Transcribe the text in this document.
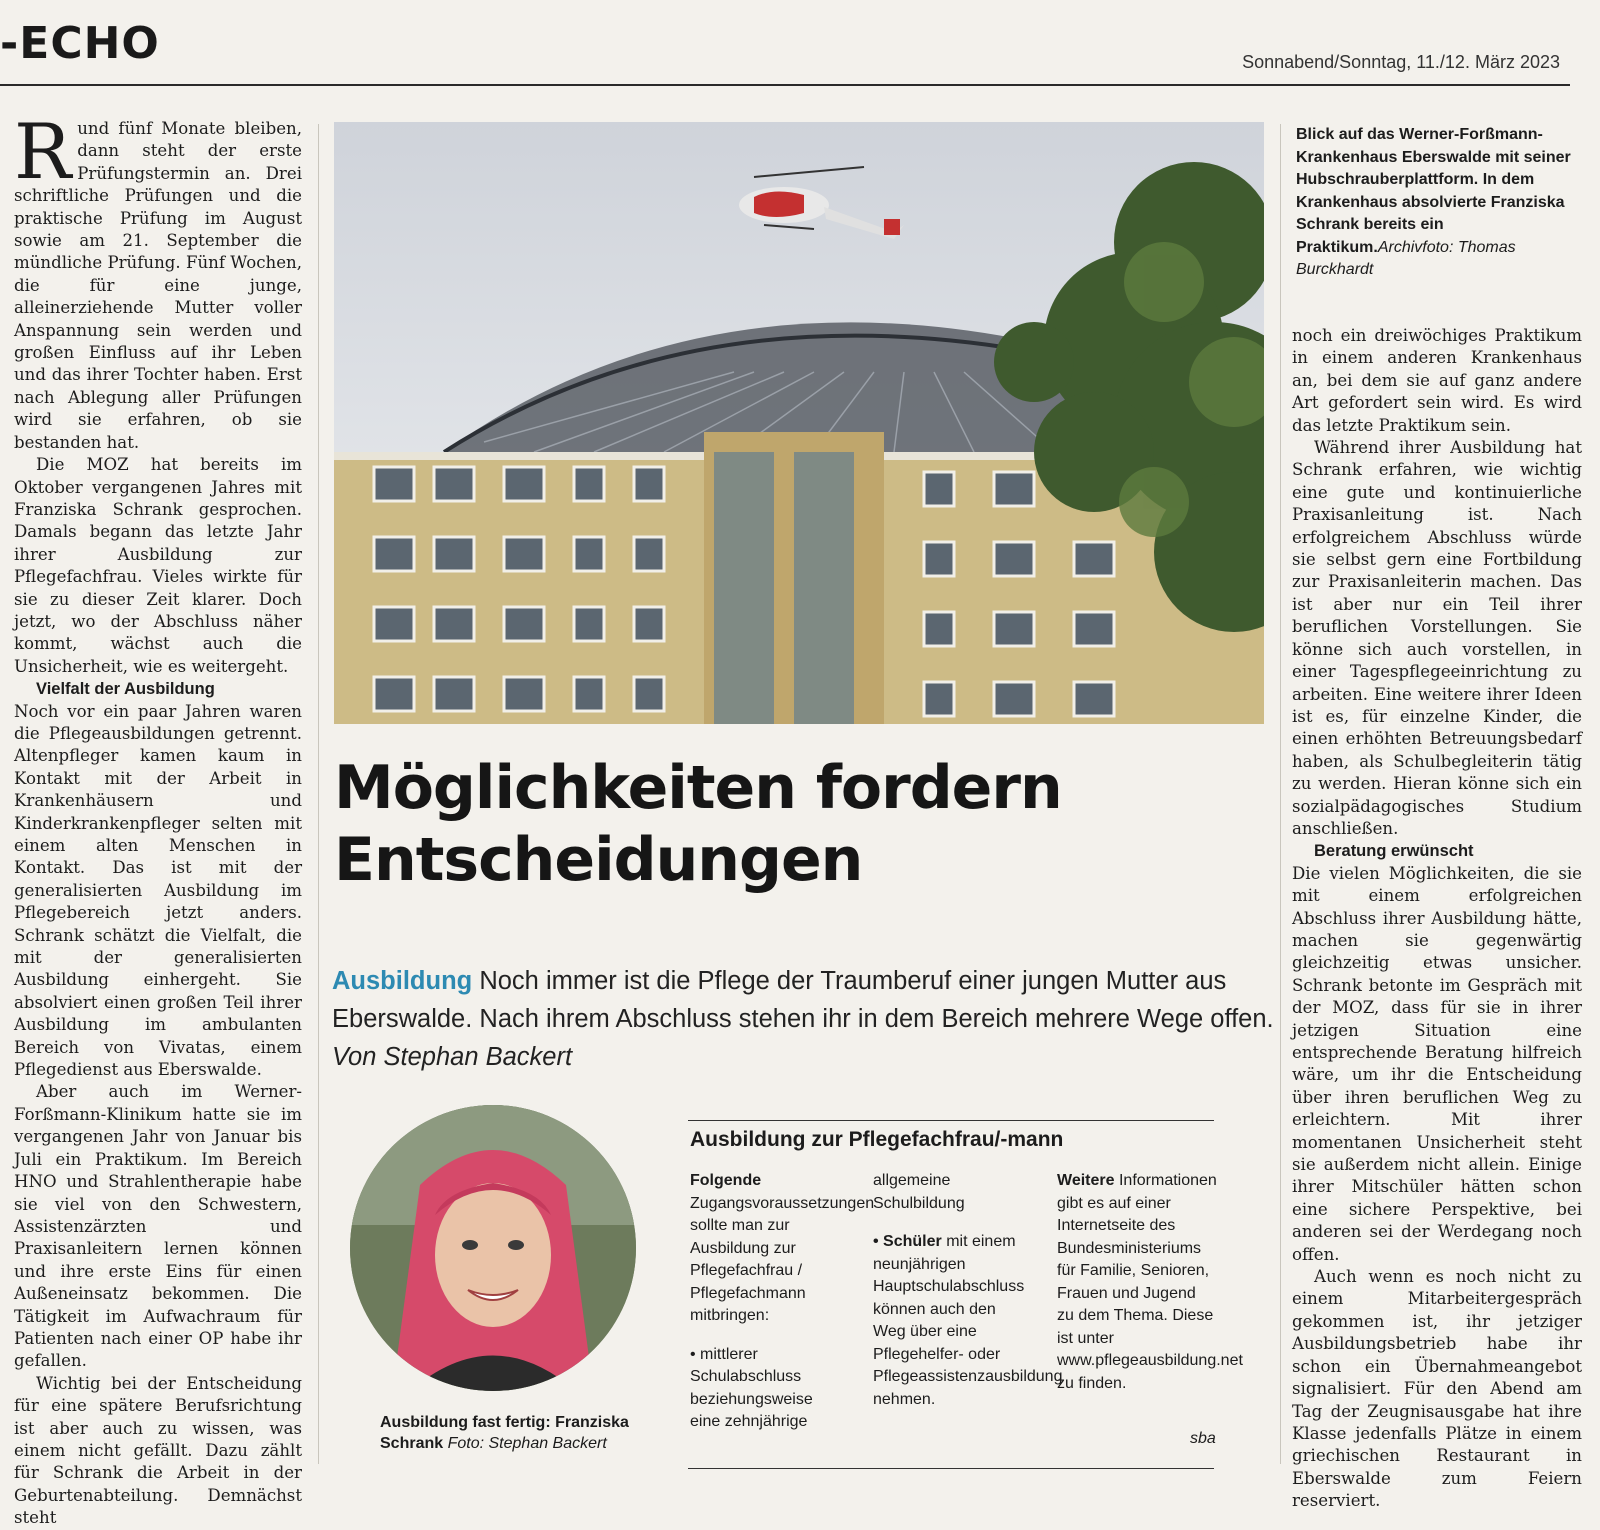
-ECHO	Sonnabend/Sonntag, 11./12. März 2023

Rund fünf Monate bleiben, dann steht der erste Prüfungstermin an. Drei schriftliche Prüfungen und die praktische Prüfung im August sowie am 21. September die mündliche Prüfung. Fünf Wochen, die für eine junge, alleinerziehende Mutter voller Anspannung sein werden und großen Einfluss auf ihr Leben und das ihrer Tochter haben. Erst nach Ablegung aller Prüfungen wird sie erfahren, ob sie bestanden hat.

Die MOZ hat bereits im Oktober vergangenen Jahres mit Franziska Schrank gesprochen. Damals begann das letzte Jahr ihrer Ausbildung zur Pflegefachfrau. Vieles wirkte für sie zu dieser Zeit klarer. Doch jetzt, wo der Abschluss näher kommt, wächst auch die Unsicherheit, wie es weitergeht.

Vielfalt der Ausbildung

Noch vor ein paar Jahren waren die Pflegeausbildungen getrennt. Altenpfleger kamen kaum in Kontakt mit der Arbeit in Krankenhäusern und Kinderkrankenpfleger selten mit einem alten Menschen in Kontakt. Das ist mit der generalisierten Ausbildung im Pflegebereich jetzt anders. Schrank schätzt die Vielfalt, die mit der generalisierten Ausbildung einhergeht. Sie absolviert einen großen Teil ihrer Ausbildung im ambulanten Bereich von Vivatas, einem Pflegedienst aus Eberswalde.

Aber auch im Werner-Forßmann-Klinikum hatte sie im vergangenen Jahr von Januar bis Juli ein Praktikum. Im Bereich HNO und Strahlentherapie habe sie viel von den Schwestern, Assistenzärzten und Praxisanleitern lernen können und ihre erste Eins für einen Außeneinsatz bekommen. Die Tätigkeit im Aufwachraum für Patienten nach einer OP habe ihr gefallen.

Wichtig bei der Entscheidung für eine spätere Berufsrichtung ist aber auch zu wissen, was einem nicht gefällt. Dazu zählt für Schrank die Arbeit in der Geburtenabteilung. Demnächst steht

Blick auf das Werner-Forßmann-Krankenhaus Eberswalde mit seiner Hubschrauberplattform. In dem Krankenhaus absolvierte Franziska Schrank bereits ein Praktikum.Archivfoto: Thomas Burckhardt
Möglichkeiten fordern Entscheidungen
Ausbildung Noch immer ist die Pflege der Traumberuf einer jungen Mutter aus Eberswalde. Nach ihrem Abschluss stehen ihr in dem Bereich mehrere Wege offen. Von Stephan Backert
Ausbildung fast fertig: Franziska Schrank Foto: Stephan Backert
Ausbildung zur Pflegefachfrau/-mann

Folgende Zugangsvoraussetzungen sollte man zur Ausbildung zur Pflegefachfrau / Pflegefachmann mitbringen:

• mittlerer Schulabschluss beziehungsweise eine zehnjährige

allgemeine Schulbildung

• Schüler mit einem neunjährigen Hauptschulabschluss können auch den Weg über eine Pflegehelfer- oder Pflegeassistenzausbildung nehmen.

Weitere Informationen gibt es auf einer Internetseite des Bundesministeriums für Familie, Senioren, Frauen und Jugend zu dem Thema. Diese ist unter www.pflegeausbildung.net zu finden.

sba

noch ein dreiwöchiges Praktikum in einem anderen Krankenhaus an, bei dem sie auf ganz andere Art gefordert sein wird. Es wird das letzte Praktikum sein.

Während ihrer Ausbildung hat Schrank erfahren, wie wichtig eine gute und kontinuierliche Praxisanleitung ist. Nach erfolgreichem Abschluss würde sie selbst gern eine Fortbildung zur Praxisanleiterin machen. Das ist aber nur ein Teil ihrer beruflichen Vorstellungen. Sie könne sich auch vorstellen, in einer Tagespflegeeinrichtung zu arbeiten. Eine weitere ihrer Ideen ist es, für einzelne Kinder, die einen erhöhten Betreuungsbedarf haben, als Schulbegleiterin tätig zu werden. Hieran könne sich ein sozialpädagogisches Studium anschließen.

Beratung erwünscht

Die vielen Möglichkeiten, die sie mit einem erfolgreichen Abschluss ihrer Ausbildung hätte, machen sie gegenwärtig gleichzeitig etwas unsicher. Schrank betonte im Gespräch mit der MOZ, dass für sie in ihrer jetzigen Situation eine entsprechende Beratung hilfreich wäre, um ihr die Entscheidung über ihren beruflichen Weg zu erleichtern. Mit ihrer momentanen Unsicherheit steht sie außerdem nicht allein. Einige ihrer Mitschüler hätten schon eine sichere Perspektive, bei anderen sei der Werdegang noch offen.

Auch wenn es noch nicht zu einem Mitarbeitergespräch gekommen ist, ihr jetziger Ausbildungsbetrieb habe ihr schon ein Übernahmeangebot signalisiert. Für den Abend am Tag der Zeugnisausgabe hat ihre Klasse jedenfalls Plätze in einem griechischen Restaurant in Eberswalde zum Feiern reserviert.
